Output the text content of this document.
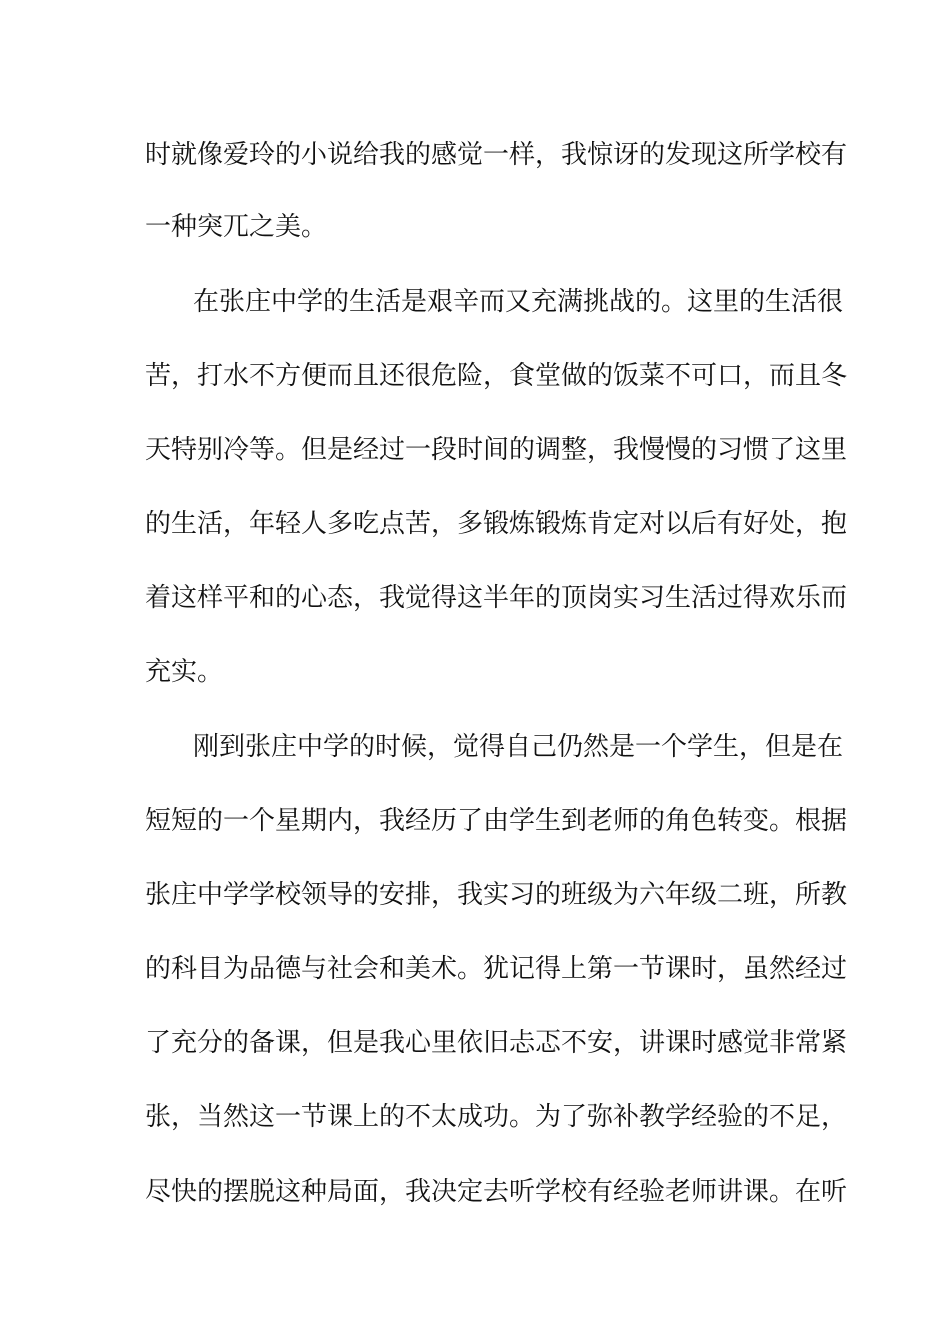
时就像爱玲的小说给我的感觉一样，我惊讶的发现这所学校有
一种突兀之美。
在张庄中学的生活是艰辛而又充满挑战的。这里的生活很
苦，打水不方便而且还很危险，食堂做的饭菜不可口，而且冬
天特别冷等。但是经过一段时间的调整，我慢慢的习惯了这里
的生活，年轻人多吃点苦，多锻炼锻炼肯定对以后有好处，抱
着这样平和的心态，我觉得这半年的顶岗实习生活过得欢乐而
充实。
刚到张庄中学的时候，觉得自己仍然是一个学生，但是在
短短的一个星期内，我经历了由学生到老师的角色转变。根据
张庄中学学校领导的安排，我实习的班级为六年级二班，所教
的科目为品德与社会和美术。犹记得上第一节课时，虽然经过
了充分的备课，但是我心里依旧忐忑不安，讲课时感觉非常紧
张，当然这一节课上的不太成功。为了弥补教学经验的不足，
尽快的摆脱这种局面，我决定去听学校有经验老师讲课。在听
